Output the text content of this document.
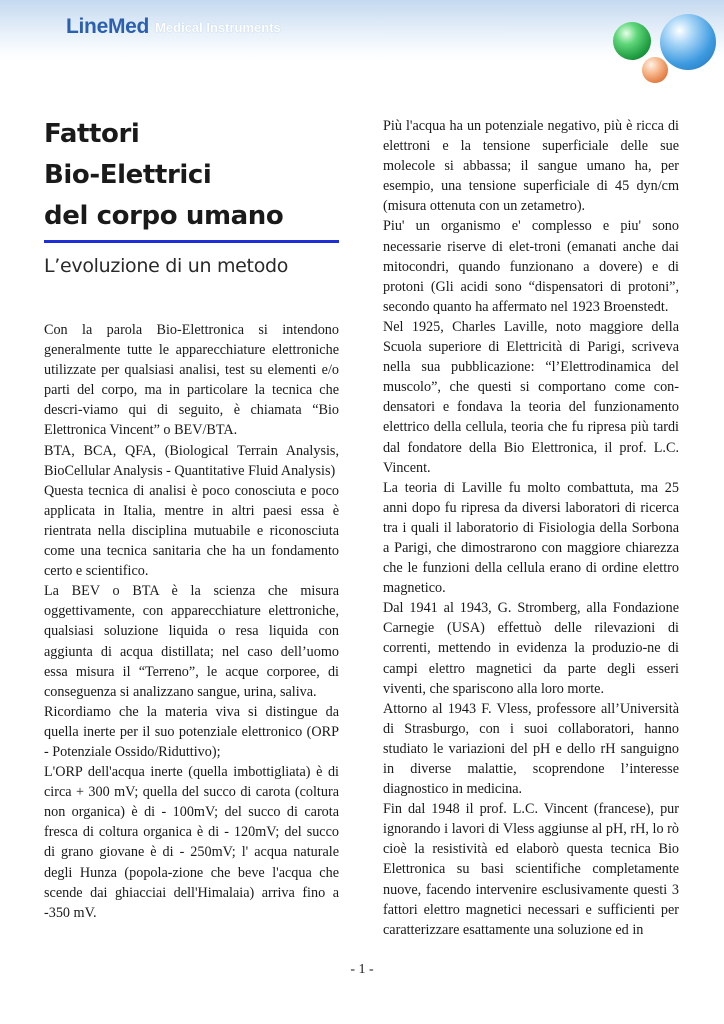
LineMed Medical Instruments
Fattori
Bio-Elettrici
del corpo umano
L’evoluzione di un metodo

Con la parola Bio-Elettronica si intendono generalmente tutte le apparecchiature elettroniche utilizzate per qualsiasi analisi, test su elementi e/o parti del corpo, ma in particolare la tecnica che descri-viamo qui di seguito, è chiamata “Bio Elettronica Vincent” o BEV/BTA.

BTA, BCA, QFA, (Biological Terrain Analysis, BioCellular Analysis - Quantitative Fluid Analysis)

Questa tecnica di analisi è poco conosciuta e poco applicata in Italia, mentre in altri paesi essa è rientrata nella disciplina mutuabile e riconosciuta come una tecnica sanitaria che ha un fondamento certo e scientifico.

La BEV o BTA è la scienza che misura oggettivamente, con apparecchiature elettroniche, qualsiasi soluzione liquida o resa liquida con aggiunta di acqua distillata; nel caso dell’uomo essa misura il “Terreno”, le acque corporee, di conseguenza si analizzano sangue, urina, saliva.

Ricordiamo che la materia viva si distingue da quella inerte per il suo potenziale elettronico (ORP - Potenziale Ossido/Riduttivo);

L'ORP dell'acqua inerte (quella imbottigliata) è di circa + 300 mV; quella del succo di carota (coltura non organica) è di - 100mV; del succo di carota fresca di coltura organica è di - 120mV; del succo di grano giovane è di - 250mV; l' acqua naturale degli Hunza (popola-zione che beve l'acqua che scende dai ghiacciai dell'Himalaia) arriva fino a -350 mV.

Più l'acqua ha un potenziale negativo, più è ricca di elettroni e la tensione superficiale delle sue molecole si abbassa; il sangue umano ha, per esempio, una tensione superficiale di 45 dyn/cm (misura ottenuta con un zetametro).

Piu' un organismo e' complesso e piu' sono necessarie riserve di elet-troni (emanati anche dai mitocondri, quando funzionano a dovere) e di protoni (Gli acidi sono “dispensatori di protoni”, secondo quanto ha affermato nel 1923 Broenstedt.

Nel 1925, Charles Laville, noto maggiore della Scuola superiore di Elettricità di Parigi, scriveva nella sua pubblicazione: “l’Elettrodinamica del muscolo”, che questi si comportano come con-densatori e fondava la teoria del funzionamento elettrico della cellula, teoria che fu ripresa più tardi dal fondatore della Bio Elettronica, il prof. L.C. Vincent.

La teoria di Laville fu molto combattuta, ma 25 anni dopo fu ripresa da diversi laboratori di ricerca tra i quali il laboratorio di Fisiologia della Sorbona a Parigi, che dimostrarono con maggiore chiarezza che le funzioni della cellula erano di ordine elettro magnetico.

Dal 1941 al 1943, G. Stromberg, alla Fondazione Carnegie (USA) effettuò delle rilevazioni di correnti, mettendo in evidenza la produzio-ne di campi elettro magnetici da parte degli esseri viventi, che spariscono alla loro morte.

Attorno al 1943 F. Vless, professore all’Università di Strasburgo, con i suoi collaboratori, hanno studiato le variazioni del pH e dello rH sanguigno in diverse malattie, scoprendone l’interesse diagnostico in medicina.

Fin dal 1948 il prof. L.C. Vincent (francese), pur ignorando i lavori di Vless aggiunse al pH, rH, lo rò cioè la resistività ed elaborò questa tecnica Bio Elettronica su basi scientifiche completamente nuove, facendo intervenire esclusivamente questi 3 fattori elettro magnetici necessari e sufficienti per caratterizzare esattamente una soluzione ed in

- 1 -
